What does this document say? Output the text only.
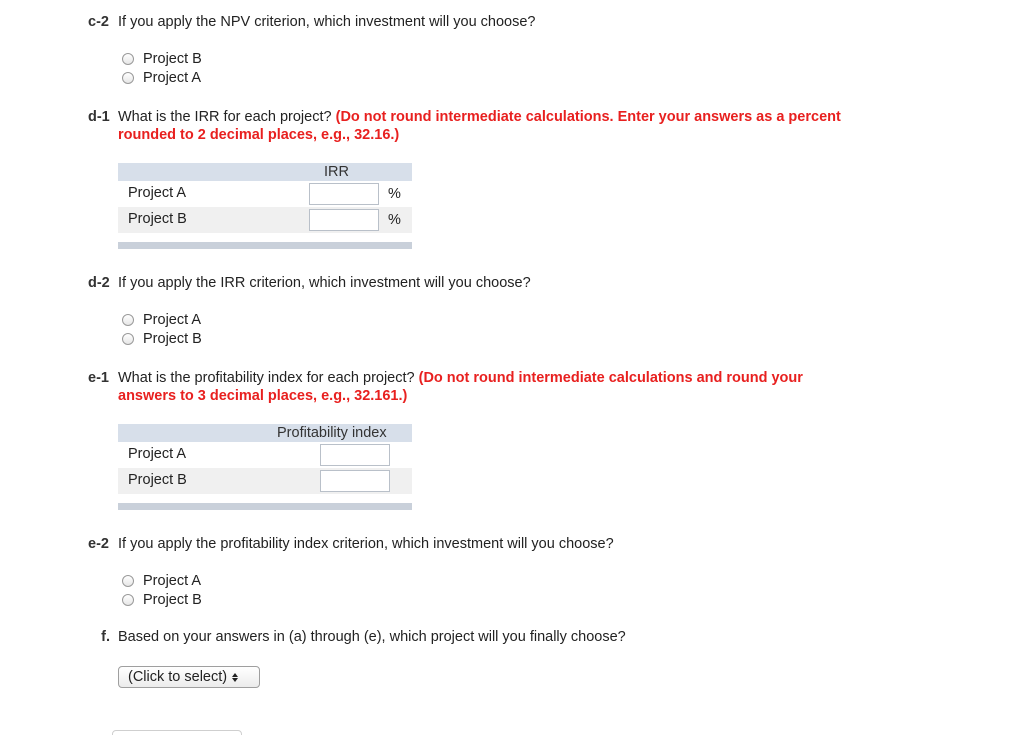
c-2 If you apply the NPV criterion, which investment will you choose?
Project B
Project A
d-1 What is the IRR for each project? (Do not round intermediate calculations. Enter your answers as a percent rounded to 2 decimal places, e.g., 32.16.)
IRR
Project A	%
Project B	%
d-2 If you apply the IRR criterion, which investment will you choose?
Project A
Project B
e-1 What is the profitability index for each project? (Do not round intermediate calculations and round your answers to 3 decimal places, e.g., 32.161.)
Profitability index
Project A
Project B
e-2 If you apply the profitability index criterion, which investment will you choose?
Project A
Project B
f. Based on your answers in (a) through (e), which project will you finally choose?
(Click to select)
